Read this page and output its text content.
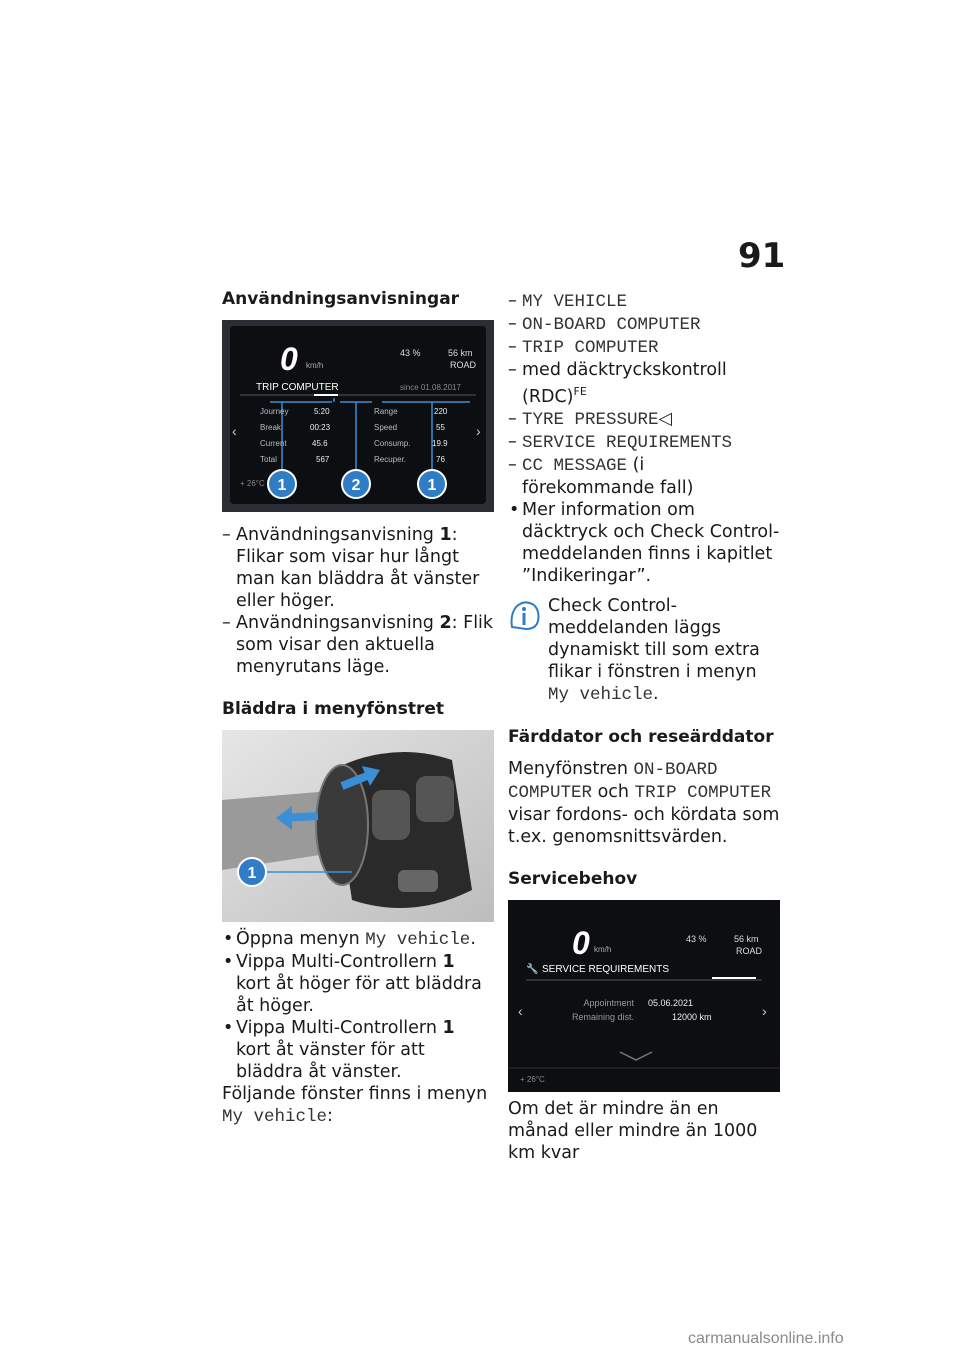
91
Användningsanvisningar
0 km/h
43 %	56 km
ROAD
TRIP COMPUTER	since 01.08.2017
‹	›
Journey	5:20	Range	220
Break	00:23	Speed	55
Current	45.6	Consump.	19.9
Total	567	Recuper.	76
+ 26°C 1	2	1
– Användningsanvisning 1: Flikar som visar hur långt man kan bläddra åt vänster eller höger.
– Användningsanvisning 2: Flik som visar den aktuella menyrutans läge.
Bläddra i menyfönstret
1
• Öppna menyn My vehicle.
• Vippa Multi-Controllern 1 kort åt höger för att bläddra åt höger.
• Vippa Multi-Controllern 1 kort åt vänster för att bläddra åt vänster.
Följande fönster finns i menyn
My vehicle:
– MY VEHICLE
– ON-BOARD COMPUTER
– TRIP COMPUTER
– med däcktryckskontroll (RDC)$^{FE}$
– TYRE PRESSURE◁
– SERVICE REQUIREMENTS
– CC MESSAGE (i förekommande fall)
• Mer information om däcktryck och Check Control-meddelanden finns i kapitlet ”Indikeringar”.
Check Control-meddelanden läggs dynamiskt till som extra flikar i fönstren i menyn My vehicle.
Färddator och reseärddator
Menyfönstren ON-BOARD COMPUTER och TRIP COMPUTER visar fordons- och kördata som t.ex. genomsnittsvärden.
Servicebehov
0 km/h
43 %	56 km
ROAD
🔧 SERVICE REQUIREMENTS
‹	›
Appointment 05.06.2021
Remaining dist.	12000 km
+ 26°C
Om det är mindre än en månad eller mindre än 1000 km kvar
carmanualsonline.info
